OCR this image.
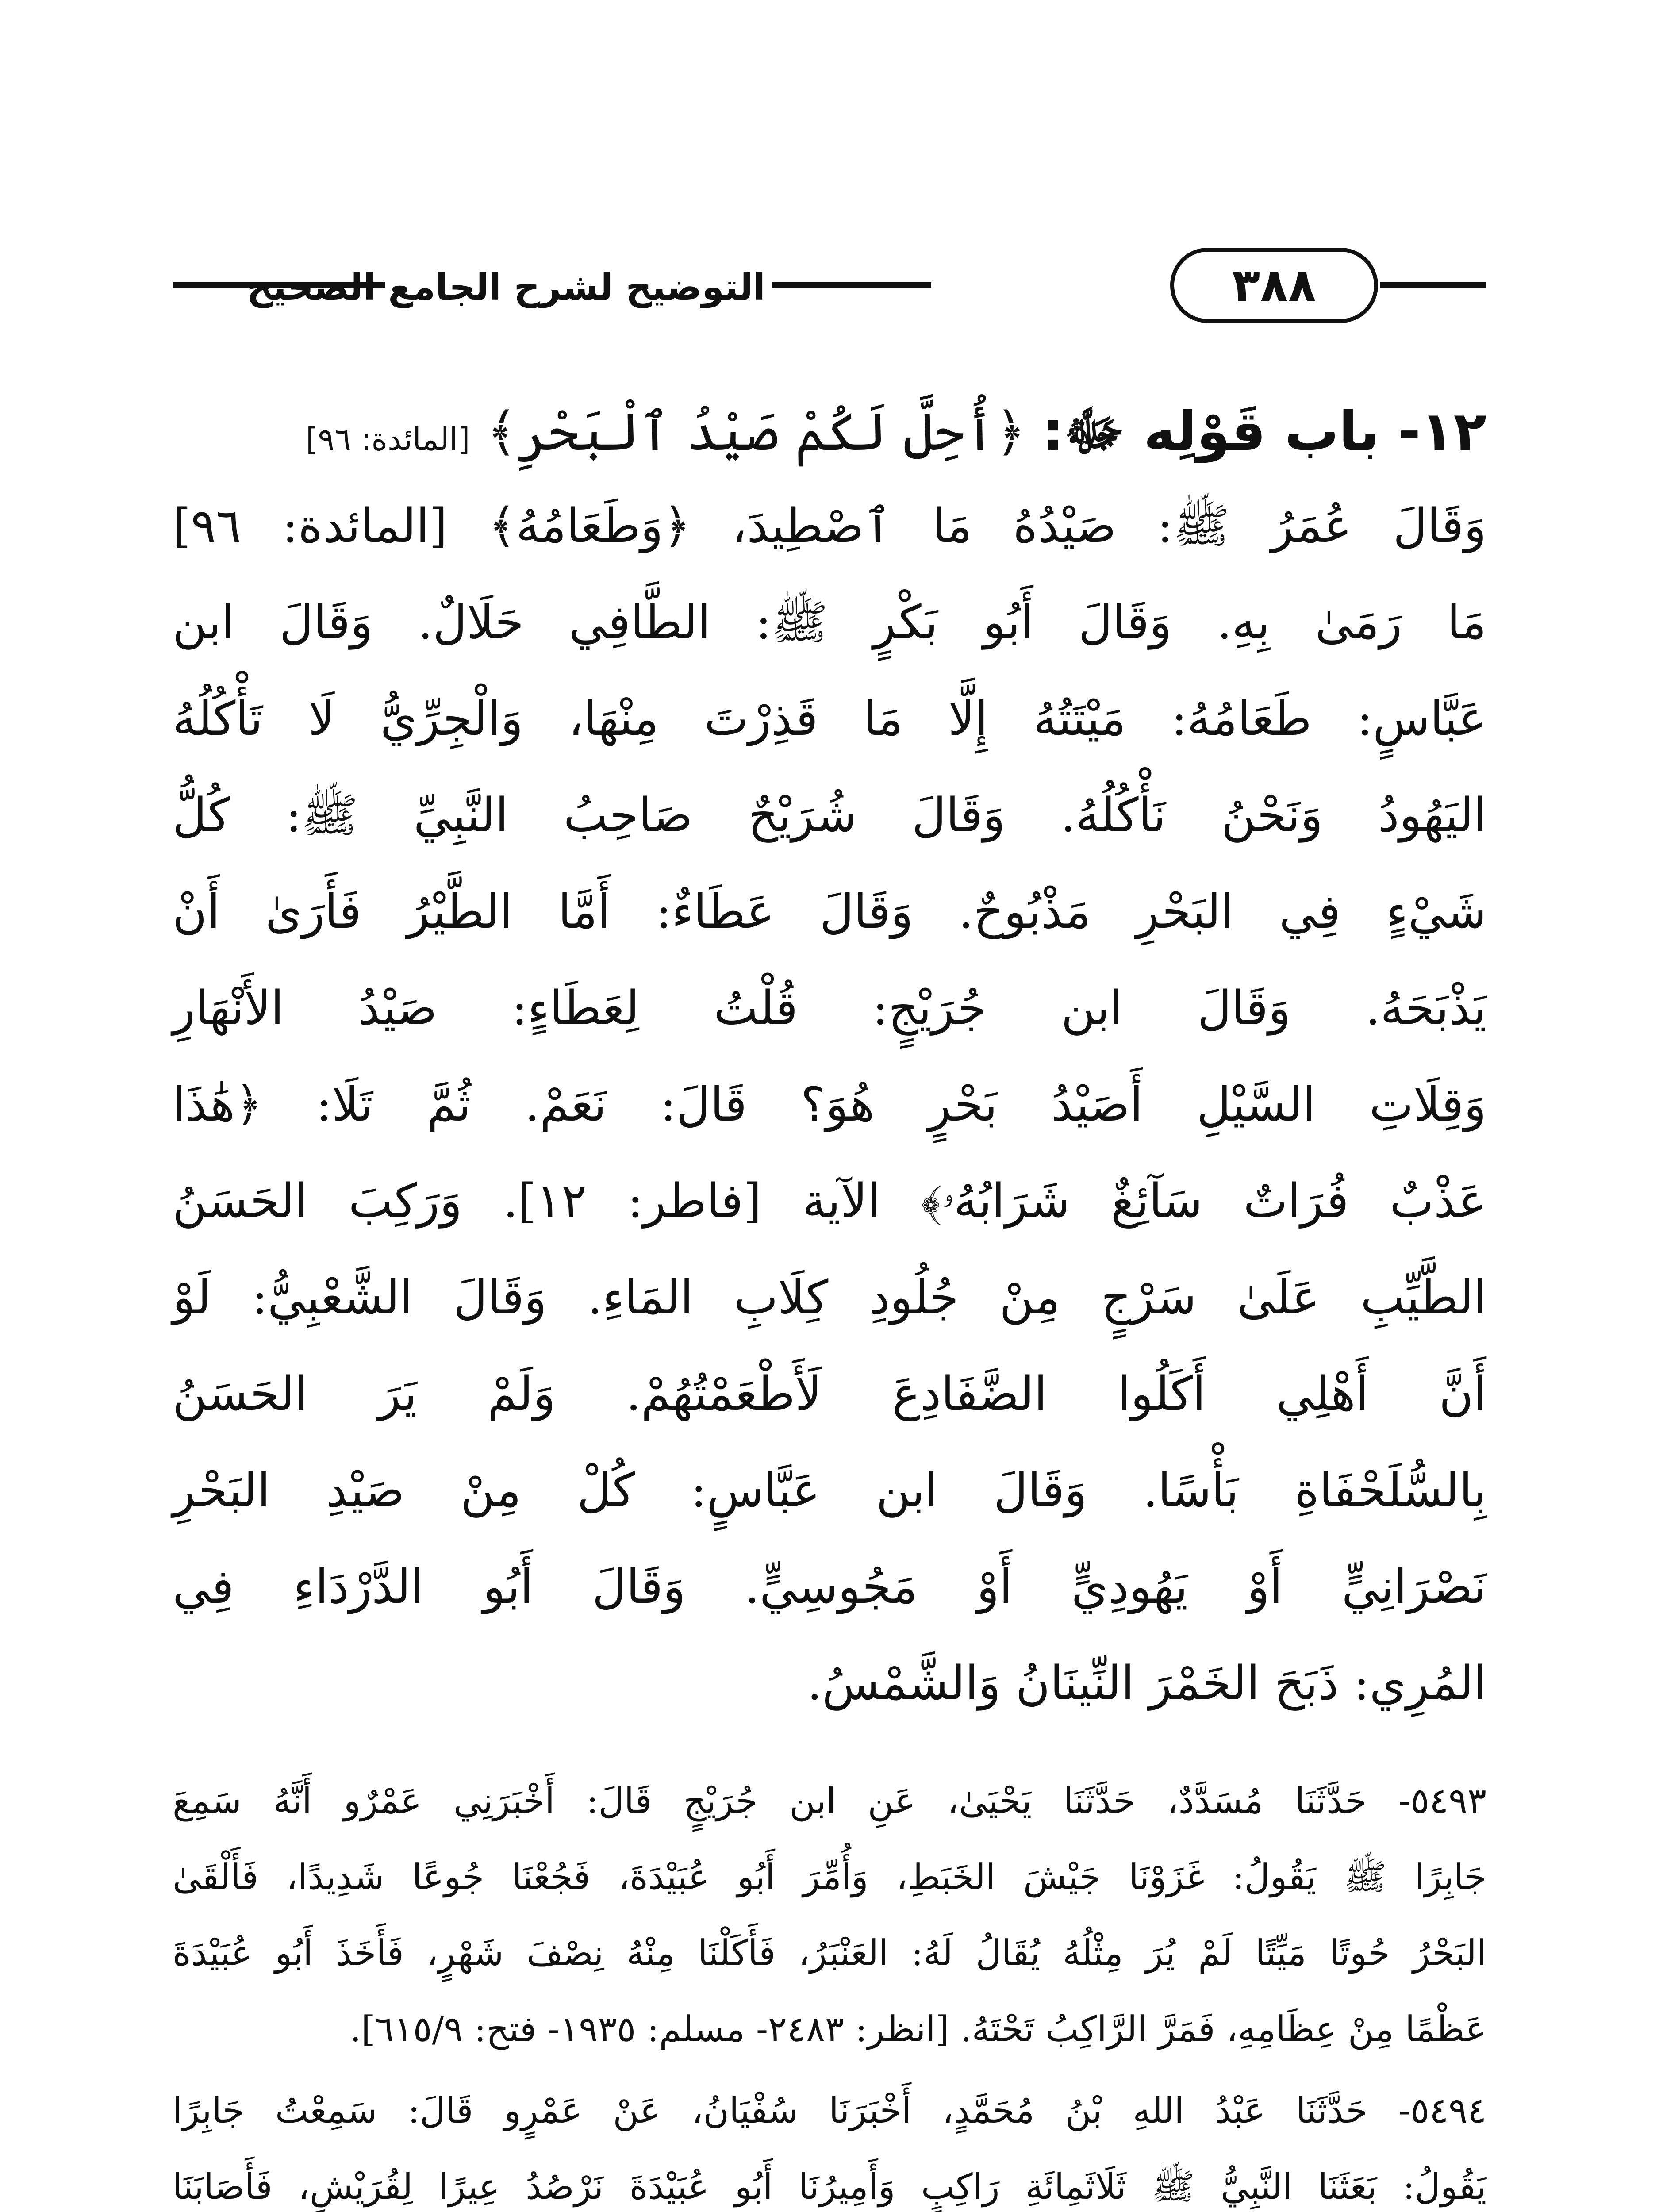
التوضيح لشرح الجامع الصحيح	٣٨٨
١٢- باب قَوْلِه ﷻ: ﴿أُحِلَّ لَكُمْ صَيْدُ ٱلْبَحْرِ﴾ [المائدة: ٩٦]
وَقَالَ عُمَرُ ﷺ: صَيْدُهُ مَا ٱصْطِيدَ، ﴿وَطَعَامُهُ﴾ [المائدة: ٩٦]
مَا رَمَىٰ بِهِ. وَقَالَ أَبُو بَكْرٍ ﷺ: الطَّافِي حَلَالٌ. وَقَالَ ابن
عَبَّاسٍ: طَعَامُهُ: مَيْتَتُهُ إِلَّا مَا قَذِرْتَ مِنْهَا، وَالْجِرِّيُّ لَا تَأْكُلُهُ
اليَهُودُ وَنَحْنُ نَأْكُلُهُ. وَقَالَ شُرَيْحٌ صَاحِبُ النَّبِيِّ ﷺ: كُلُّ
شَيْءٍ فِي البَحْرِ مَذْبُوحٌ. وَقَالَ عَطَاءٌ: أَمَّا الطَّيْرُ فَأَرَىٰ أَنْ
يَذْبَحَهُ. وَقَالَ ابن جُرَيْجٍ: قُلْتُ لِعَطَاءٍ: صَيْدُ الأَنْهَارِ
وَقِلَاتِ السَّيْلِ أَصَيْدُ بَحْرٍ هُوَ؟ قَالَ: نَعَمْ. ثُمَّ تَلَا: ﴿هَٰذَا
عَذْبٌ فُرَاتٌ سَآئِغٌ شَرَابُهُۥ﴾ الآية [فاطر: ١٢]. وَرَكِبَ الحَسَنُ
الطَّيِّبِ عَلَىٰ سَرْجٍ مِنْ جُلُودِ كِلَابِ المَاءِ. وَقَالَ الشَّعْبِيُّ: لَوْ
أَنَّ أَهْلِي أَكَلُوا الضَّفَادِعَ لَأَطْعَمْتُهُمْ. وَلَمْ يَرَ الحَسَنُ
بِالسُّلَحْفَاةِ بَأْسًا. وَقَالَ ابن عَبَّاسٍ: كُلْ مِنْ صَيْدِ البَحْرِ
نَصْرَانِيٍّ أَوْ يَهُودِيٍّ أَوْ مَجُوسِيٍّ. وَقَالَ أَبُو الدَّرْدَاءِ فِي
المُرِي: ذَبَحَ الخَمْرَ النِّينَانُ وَالشَّمْسُ.
٥٤٩٣- حَدَّثَنَا مُسَدَّدٌ، حَدَّثَنَا يَحْيَىٰ، عَنِ ابن جُرَيْجٍ قَالَ: أَخْبَرَنِي عَمْرٌو أَنَّهُ سَمِعَ
جَابِرًا ﷺ يَقُولُ: غَزَوْنَا جَيْشَ الخَبَطِ، وَأُمِّرَ أَبُو عُبَيْدَةَ، فَجُعْنَا جُوعًا شَدِيدًا، فَأَلْقَىٰ
البَحْرُ حُوتًا مَيِّتًا لَمْ يُرَ مِثْلُهُ يُقَالُ لَهُ: العَنْبَرُ، فَأَكَلْنَا مِنْهُ نِصْفَ شَهْرٍ، فَأَخَذَ أَبُو عُبَيْدَةَ
عَظْمًا مِنْ عِظَامِهِ، فَمَرَّ الرَّاكِبُ تَحْتَهُ. [انظر: ٢٤٨٣- مسلم: ١٩٣٥- فتح: ٦١٥/٩].
٥٤٩٤- حَدَّثَنَا عَبْدُ اللهِ بْنُ مُحَمَّدٍ، أَخْبَرَنَا سُفْيَانُ، عَنْ عَمْرٍو قَالَ: سَمِعْتُ جَابِرًا
يَقُولُ: بَعَثَنَا النَّبِيُّ ﷺ ثَلَاثَمِائَةِ رَاكِبٍ وَأَمِيرُنَا أَبُو عُبَيْدَةَ نَرْصُدُ عِيرًا لِقُرَيْشٍ، فَأَصَابَنَا
